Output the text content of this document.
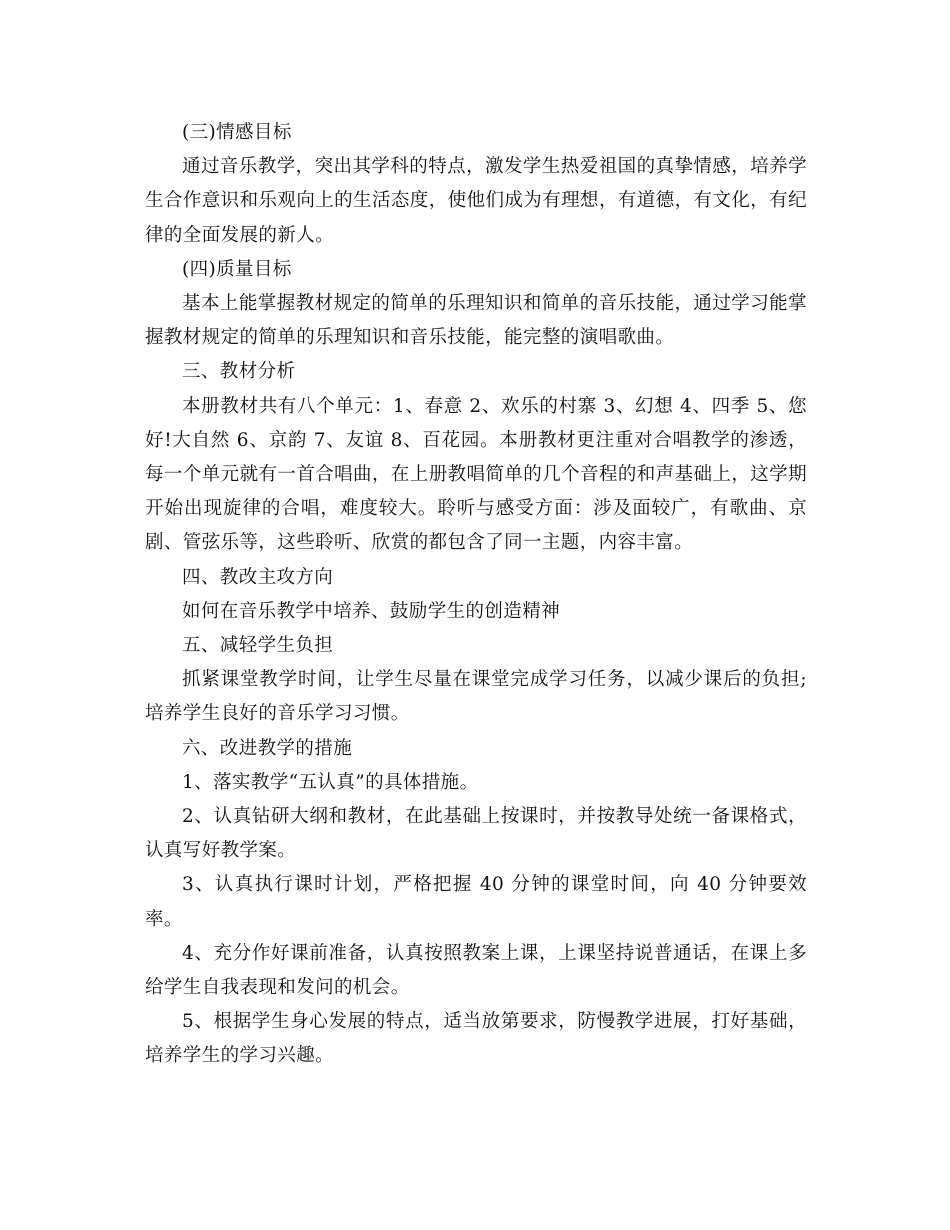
(三)情感目标

通过音乐教学，突出其学科的特点，激发学生热爱祖国的真挚情感，培养学生合作意识和乐观向上的生活态度，使他们成为有理想，有道德，有文化，有纪律的全面发展的新人。

(四)质量目标

基本上能掌握教材规定的简单的乐理知识和简单的音乐技能，通过学习能掌握教材规定的简单的乐理知识和音乐技能，能完整的演唱歌曲。

三、教材分析

本册教材共有八个单元：1、春意 2、欢乐的村寨 3、幻想 4、四季 5、您好!大自然 6、京韵 7、友谊 8、百花园。本册教材更注重对合唱教学的渗透，每一个单元就有一首合唱曲，在上册教唱简单的几个音程的和声基础上，这学期开始出现旋律的合唱，难度较大。聆听与感受方面：涉及面较广，有歌曲、京剧、管弦乐等，这些聆听、欣赏的都包含了同一主题，内容丰富。

四、教改主攻方向

如何在音乐教学中培养、鼓励学生的创造精神

五、减轻学生负担

抓紧课堂教学时间，让学生尽量在课堂完成学习任务，以减少课后的负担;培养学生良好的音乐学习习惯。

六、改进教学的措施

1、落实教学“五认真”的具体措施。

2、认真钻研大纲和教材，在此基础上按课时，并按教导处统一备课格式，认真写好教学案。

3、认真执行课时计划，严格把握 40 分钟的课堂时间，向 40 分钟要效率。

4、充分作好课前准备，认真按照教案上课，上课坚持说普通话，在课上多给学生自我表现和发问的机会。

5、根据学生身心发展的特点，适当放第要求，防慢教学进展，打好基础，培养学生的学习兴趣。
